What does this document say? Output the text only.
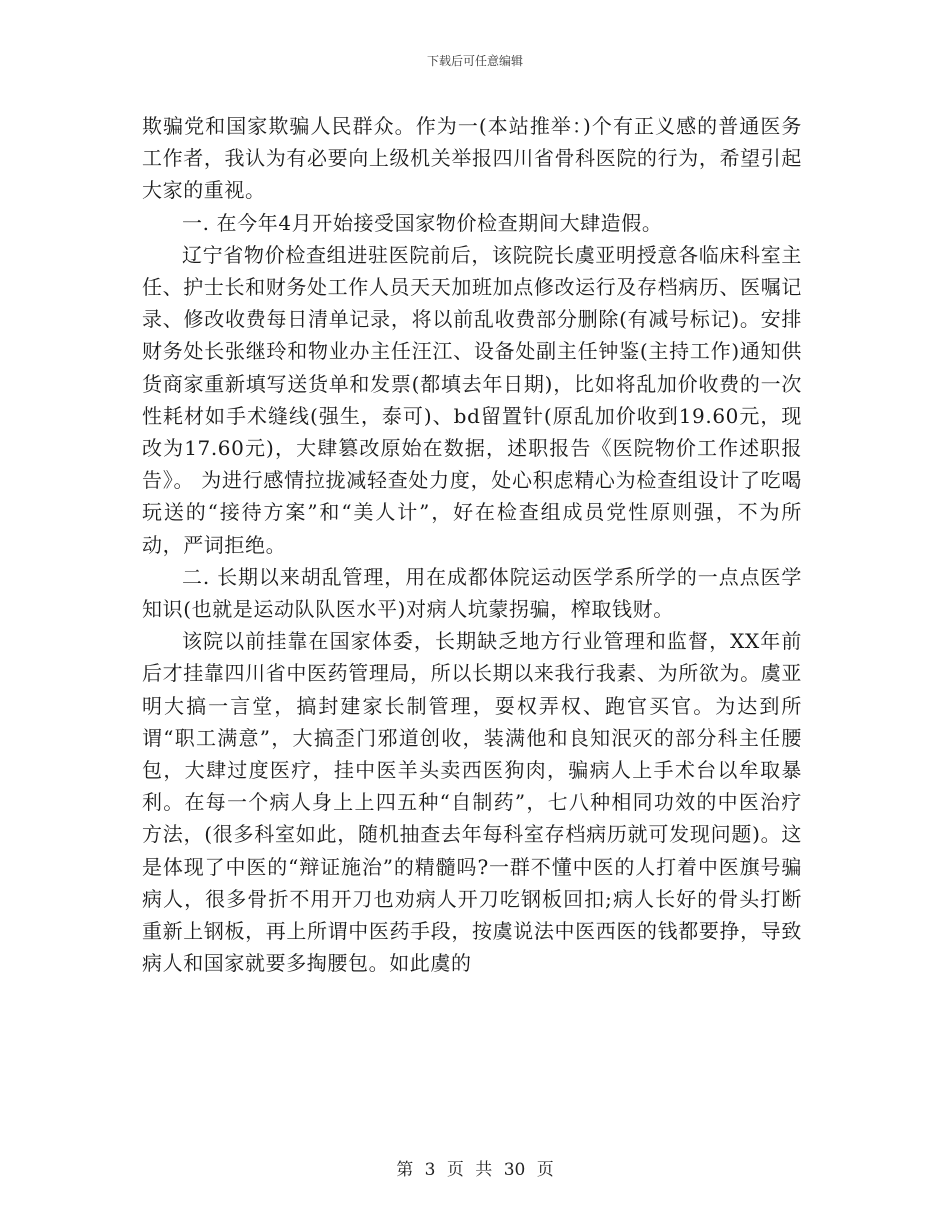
下载后可任意编辑

欺骗党和国家欺骗人民群众。作为一(本站推举：)个有正义感的普通医务工作者，我认为有必要向上级机关举报四川省骨科医院的行为，希望引起大家的重视。

一. 在今年4月开始接受国家物价检查期间大肆造假。

辽宁省物价检查组进驻医院前后，该院院长虞亚明授意各临床科室主任、护士长和财务处工作人员天天加班加点修改运行及存档病历、医嘱记录、修改收费每日清单记录，将以前乱收费部分删除(有减号标记)。安排财务处长张继玲和物业办主任汪江、设备处副主任钟鉴(主持工作)通知供货商家重新填写送货单和发票(都填去年日期)，比如将乱加价收费的一次性耗材如手术缝线(强生，泰可)、bd留置针(原乱加价收到19.60元，现改为17.60元)，大肆篡改原始在数据，述职报告《医院物价工作述职报告》。 为进行感情拉拢减轻查处力度，处心积虑精心为检查组设计了吃喝玩送的“接待方案”和“美人计”，好在检查组成员党性原则强，不为所动，严词拒绝。

二. 长期以来胡乱管理，用在成都体院运动医学系所学的一点点医学知识(也就是运动队队医水平)对病人坑蒙拐骗，榨取钱财。

该院以前挂靠在国家体委，长期缺乏地方行业管理和监督，XX年前后才挂靠四川省中医药管理局，所以长期以来我行我素、为所欲为。虞亚明大搞一言堂，搞封建家长制管理，耍权弄权、跑官买官。为达到所谓“职工满意”，大搞歪门邪道创收，装满他和良知泯灭的部分科主任腰包，大肆过度医疗，挂中医羊头卖西医狗肉，骗病人上手术台以牟取暴利。在每一个病人身上上四五种“自制药”，七八种相同功效的中医治疗方法，(很多科室如此，随机抽查去年每科室存档病历就可发现问题)。这是体现了中医的“辩证施治”的精髓吗?一群不懂中医的人打着中医旗号骗病人，很多骨折不用开刀也劝病人开刀吃钢板回扣;病人长好的骨头打断重新上钢板，再上所谓中医药手段，按虞说法中医西医的钱都要挣，导致病人和国家就要多掏腰包。如此虞的

第 3 页 共 30 页
